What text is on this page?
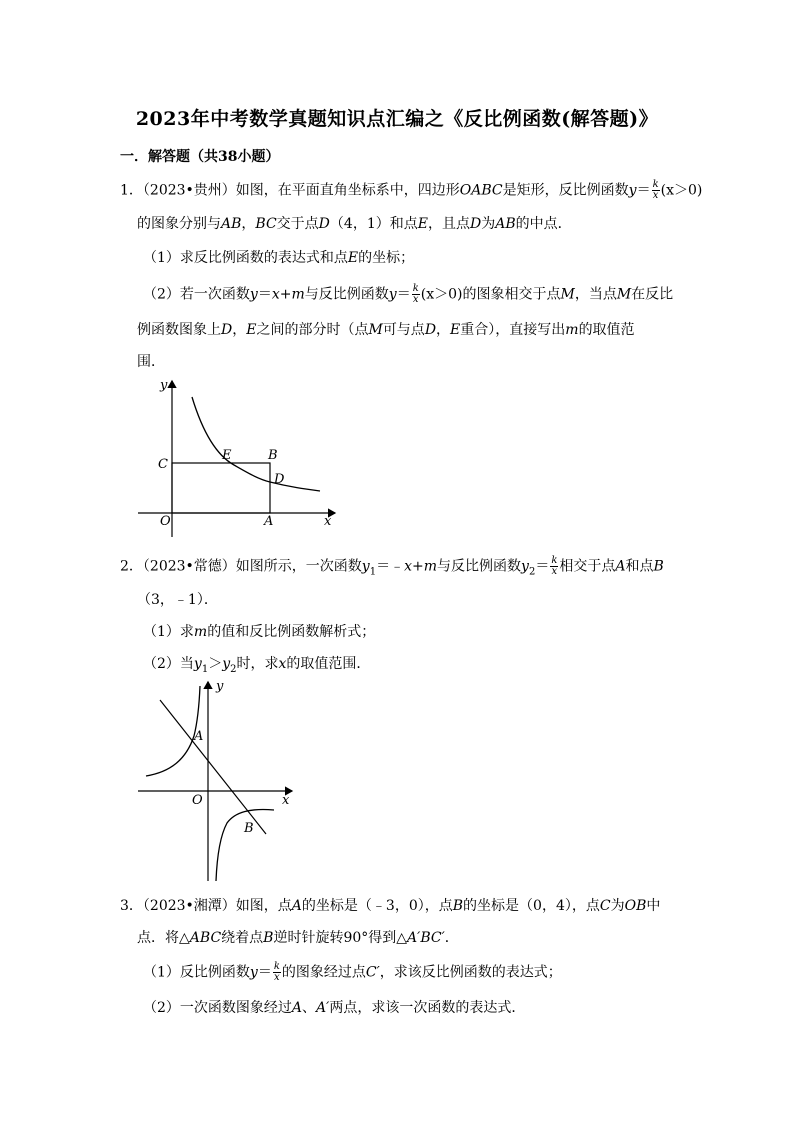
2023年中考数学真题知识点汇编之《反比例函数(解答题)》
一．解答题（共38小题）
1．（2023•贵州）如图，在平面直角坐标系中，四边形OABC是矩形，反比例函数$y= \frac{k}{x} (x>0)$
的图象分别与AB，BC交于点D（4，1）和点E，且点D为AB的中点．
（1）求反比例函数的表达式和点E的坐标；
（2）若一次函数y＝x+m与反比例函数$y= \frac{k}{x} (x>0)$的图象相交于点M，当点M在反比
例函数图象上D，E之间的部分时（点M可与点D，E重合），直接写出m的取值范
围．
y
x
O	A
B
C
D
E
2．（2023•常德）如图所示，一次函数$y_1=﹣x+m$与反比例函数$y_2= \frac{k}{x}$ 相交于点A和点B
（3，﹣1）．
（1）求m的值和反比例函数解析式；
（2）当$y_1>y_2$时，求x的取值范围．
y
x
O
A
B
3．（2023•湘潭）如图，点A的坐标是（﹣3，0），点B的坐标是（0，4），点C为OB中
点．将△ABC绕着点B逆时针旋转90°得到△A′BC′．
（1）反比例函数$y= \frac{k}{x}$ 的图象经过点C′，求该反比例函数的表达式；
（2）一次函数图象经过A、A′两点，求该一次函数的表达式．
